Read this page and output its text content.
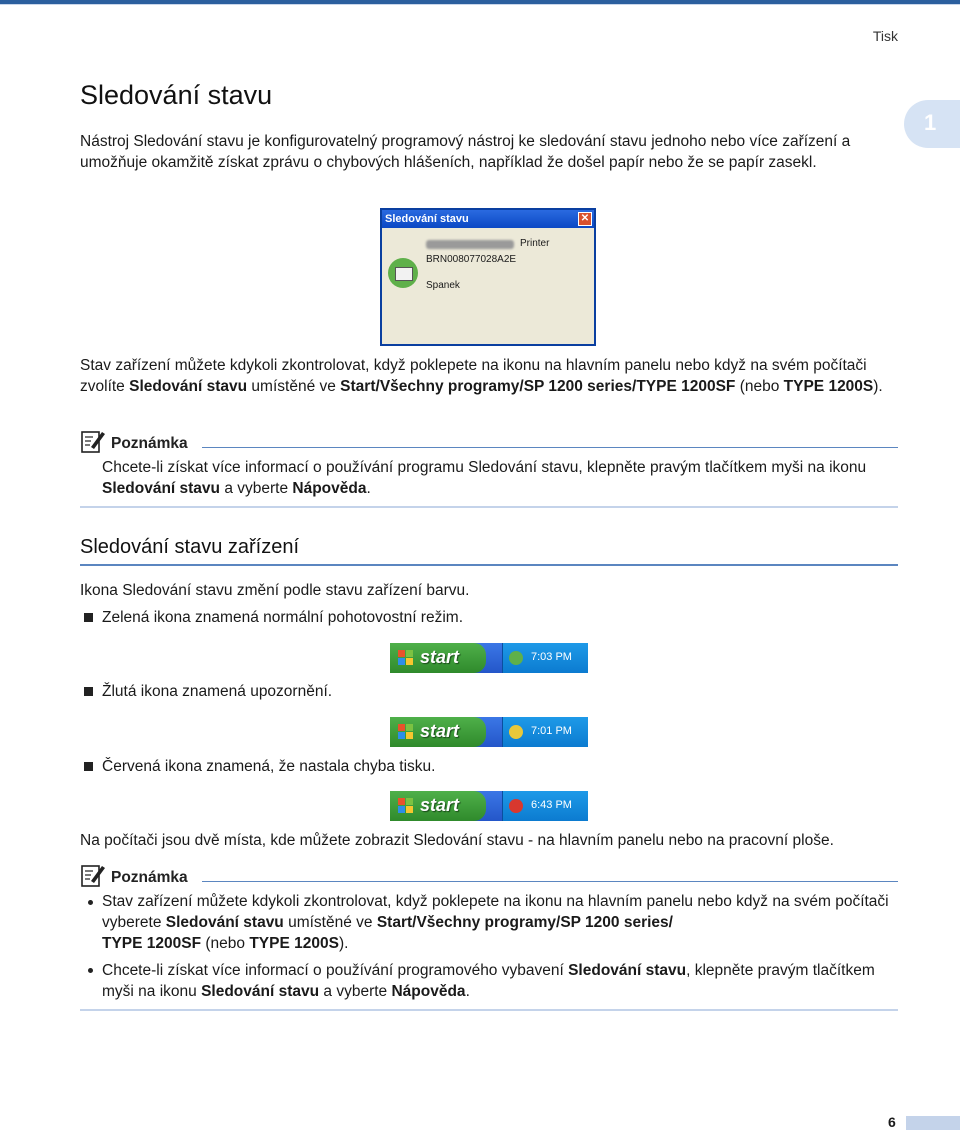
Tisk
1
Sledování stavu
Nástroj Sledování stavu je konfigurovatelný programový nástroj ke sledování stavu jednoho nebo více zařízení a umožňuje okamžitě získat zprávu o chybových hlášeních, například že došel papír nebo že se papír zasekl.
Sledování stavu	✕
Printer
BRN008077028A2E
Spanek
Stav zařízení můžete kdykoli zkontrolovat, když poklepete na ikonu na hlavním panelu nebo když na svém počítači zvolíte Sledování stavu umístěné ve Start/Všechny programy/SP 1200 series/TYPE 1200SF (nebo TYPE 1200S).
Poznámka
Chcete-li získat více informací o používání programu Sledování stavu, klepněte pravým tlačítkem myši na ikonu Sledování stavu a vyberte Nápověda.
Sledování stavu zařízení
Ikona Sledování stavu změní podle stavu zařízení barvu.
Zelená ikona znamená normální pohotovostní režim.
start	7:03 PM
Žlutá ikona znamená upozornění.
start	7:01 PM
Červená ikona znamená, že nastala chyba tisku.
start	6:43 PM
Na počítači jsou dvě místa, kde můžete zobrazit Sledování stavu - na hlavním panelu nebo na pracovní ploše.
Poznámka
Stav zařízení můžete kdykoli zkontrolovat, když poklepete na ikonu na hlavním panelu nebo když na svém počítači vyberete Sledování stavu umístěné ve Start/Všechny programy/SP 1200 series/
TYPE 1200SF (nebo TYPE 1200S).
Chcete-li získat více informací o používání programového vybavení Sledování stavu, klepněte pravým tlačítkem myši na ikonu Sledování stavu a vyberte Nápověda.
6
